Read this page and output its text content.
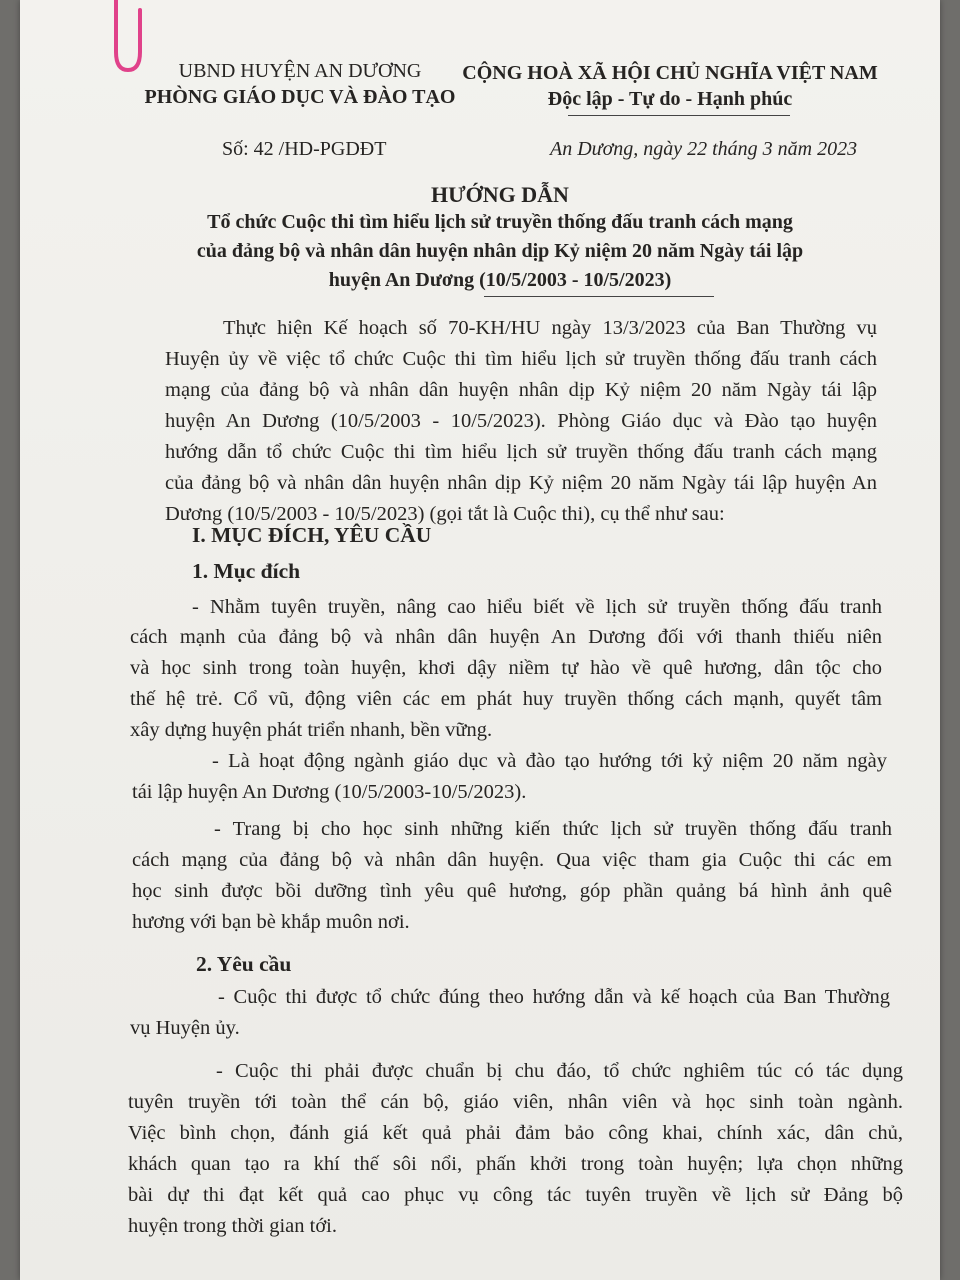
UBND HUYỆN AN DƯƠNG
PHÒNG GIÁO DỤC VÀ ĐÀO TẠO
CỘNG HOÀ XÃ HỘI CHỦ NGHĨA VIỆT NAM
Độc lập - Tự do - Hạnh phúc
Số: 42 /HD-PGDĐT	An Dương, ngày 22 tháng 3 năm 2023
HƯỚNG DẪN
Tổ chức Cuộc thi tìm hiểu lịch sử truyền thống đấu tranh cách mạng
của đảng bộ và nhân dân huyện nhân dịp Kỷ niệm 20 năm Ngày tái lập
huyện An Dương (10/5/2003 - 10/5/2023)
Thực hiện Kế hoạch số 70-KH/HU ngày 13/3/2023 của Ban Thường vụ
Huyện ủy về việc tổ chức Cuộc thi tìm hiểu lịch sử truyền thống đấu tranh cách
mạng của đảng bộ và nhân dân huyện nhân dịp Kỷ niệm 20 năm Ngày tái lập
huyện An Dương (10/5/2003 - 10/5/2023). Phòng Giáo dục và Đào tạo huyện
hướng dẫn tổ chức Cuộc thi tìm hiểu lịch sử truyền thống đấu tranh cách mạng
của đảng bộ và nhân dân huyện nhân dịp Kỷ niệm 20 năm Ngày tái lập huyện An
Dương (10/5/2003 - 10/5/2023) (gọi tắt là Cuộc thi), cụ thể như sau:
I. MỤC ĐÍCH, YÊU CẦU
1. Mục đích
- Nhằm tuyên truyền, nâng cao hiểu biết về lịch sử truyền thống đấu tranh
cách mạnh của đảng bộ và nhân dân huyện An Dương đối với thanh thiếu niên
và học sinh trong toàn huyện, khơi dậy niềm tự hào về quê hương, dân tộc cho
thế hệ trẻ. Cổ vũ, động viên các em phát huy truyền thống cách mạnh, quyết tâm
xây dựng huyện phát triển nhanh, bền vững.
- Là hoạt động ngành giáo dục và đào tạo hướng tới kỷ niệm 20 năm ngày
tái lập huyện An Dương (10/5/2003-10/5/2023).
- Trang bị cho học sinh những kiến thức lịch sử truyền thống đấu tranh
cách mạng của đảng bộ và nhân dân huyện. Qua việc tham gia Cuộc thi các em
học sinh được bồi dưỡng tình yêu quê hương, góp phần quảng bá hình ảnh quê
hương với bạn bè khắp muôn nơi.
2. Yêu cầu
- Cuộc thi được tổ chức đúng theo hướng dẫn và kế hoạch của Ban Thường
vụ Huyện ủy.
- Cuộc thi phải được chuẩn bị chu đáo, tổ chức nghiêm túc có tác dụng
tuyên truyền tới toàn thể cán bộ, giáo viên, nhân viên và học sinh toàn ngành.
Việc bình chọn, đánh giá kết quả phải đảm bảo công khai, chính xác, dân chủ,
khách quan tạo ra khí thế sôi nổi, phấn khởi trong toàn huyện; lựa chọn những
bài dự thi đạt kết quả cao phục vụ công tác tuyên truyền về lịch sử Đảng bộ
huyện trong thời gian tới.
